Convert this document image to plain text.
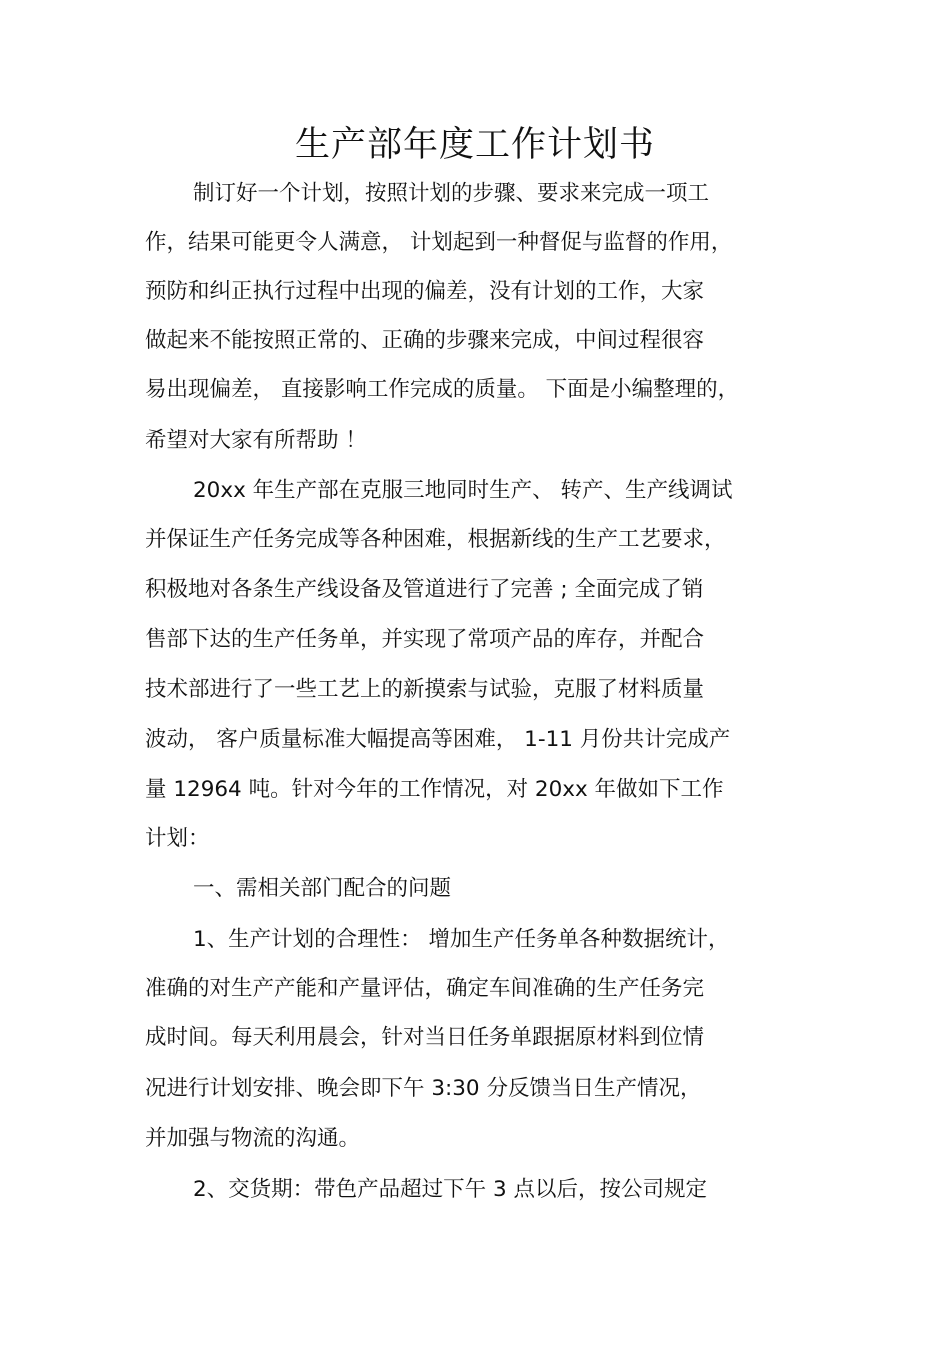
生产部年度工作计划书
制订好一个计划，按照计划的步骤、要求来完成一项工
作，结果可能更令人满意， 计划起到一种督促与监督的作用，
预防和纠正执行过程中出现的偏差，没有计划的工作，大家
做起来不能按照正常的、正确的步骤来完成，中间过程很容
易出现偏差， 直接影响工作完成的质量。 下面是小编整理的，
希望对大家有所帮助 ！
20xx 年生产部在克服三地同时生产、 转产、生产线调试
并保证生产任务完成等各种困难，根据新线的生产工艺要求，
积极地对各条生产线设备及管道进行了完善 ; 全面完成了销
售部下达的生产任务单，并实现了常项产品的库存，并配合
技术部进行了一些工艺上的新摸索与试验，克服了材料质量
波动， 客户质量标准大幅提高等困难， 1-11 月份共计完成产
量 12964 吨。针对今年的工作情况，对 20xx 年做如下工作
计划：
一、需相关部门配合的问题
1、生产计划的合理性： 增加生产任务单各种数据统计，
准确的对生产产能和产量评估，确定车间准确的生产任务完
成时间。每天利用晨会，针对当日任务单跟据原材料到位情
况进行计划安排、晚会即下午 3:30 分反馈当日生产情况，
并加强与物流的沟通。
2、交货期：带色产品超过下午 3 点以后，按公司规定
